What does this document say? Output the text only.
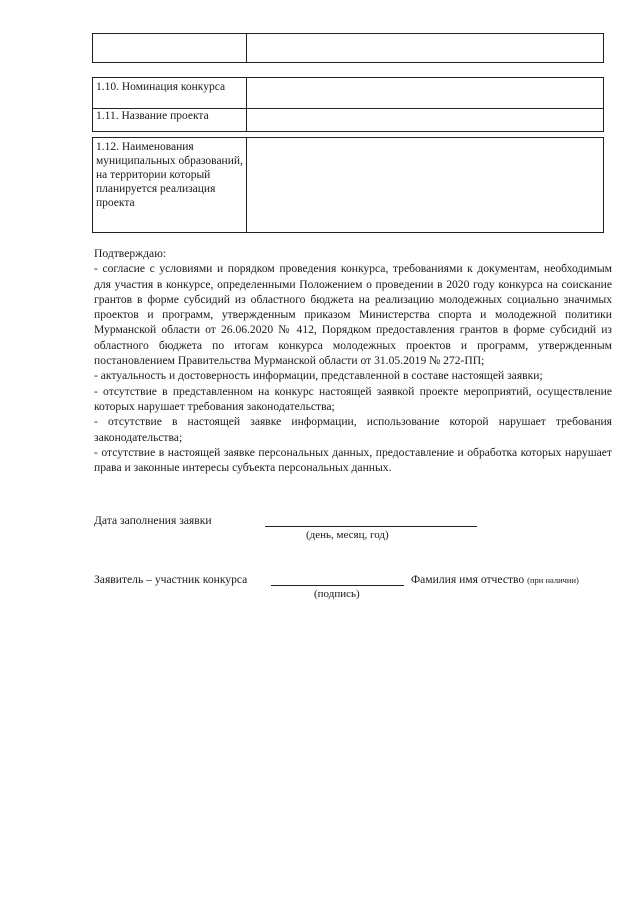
1.10. Номинация конкурса
1.11. Название проекта
1.12. Наименования муниципальных образований, на территории который планируется реализация проекта

Подтверждаю:

- согласие с условиями и порядком проведения конкурса, требованиями к документам, необходимым для участия в конкурсе, определенными Положением о проведении в 2020 году конкурса на соискание грантов в форме субсидий из областного бюджета на реализацию молодежных социально значимых проектов и программ, утвержденным приказом Министерства спорта и молодежной политики Мурманской области от 26.06.2020 № 412, Порядком предоставления грантов в форме субсидий из областного бюджета по итогам конкурса молодежных проектов и программ, утвержденным постановлением Правительства Мурманской области от 31.05.2019 № 272-ПП;

- актуальность и достоверность информации, представленной в составе настоящей заявки;

- отсутствие в представленном на конкурс настоящей заявкой проекте мероприятий, осуществление которых нарушает требования законодательства;

- отсутствие в настоящей заявке информации, использование которой нарушает требования законодательства;

- отсутствие в настоящей заявке персональных данных, предоставление и обработка которых нарушает права и законные интересы субъекта персональных данных.

Дата заполнения заявки
(день, месяц, год)
Заявитель – участник конкурса	Фамилия имя отчество (при наличии)
(подпись)
